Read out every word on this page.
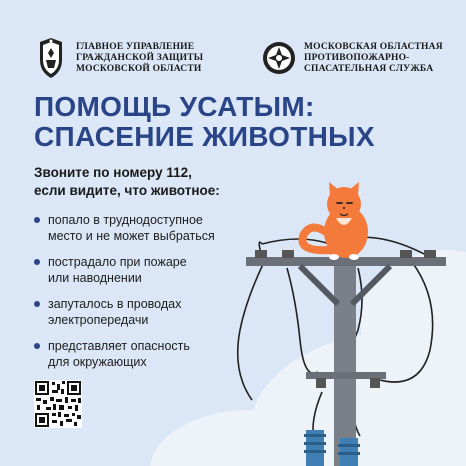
ГЛАВНОЕ УПРАВЛЕНИЕ
ГРАЖДАНСКОЙ ЗАЩИТЫ
МОСКОВСКОЙ ОБЛАСТИ
МОСКОВСКАЯ ОБЛАСТНАЯ
ПРОТИВОПОЖАРНО-
СПАСАТЕЛЬНАЯ СЛУЖБА
ПОМОЩЬ УСАТЫМ:
СПАСЕНИЕ ЖИВОТНЫХ
Звоните по номеру 112,
если видите, что животное:
попало в труднодоступное
место и не может выбраться
пострадало при пожаре
или наводнении
запуталось в проводах
электропередачи
представляет опасность
для окружающих
